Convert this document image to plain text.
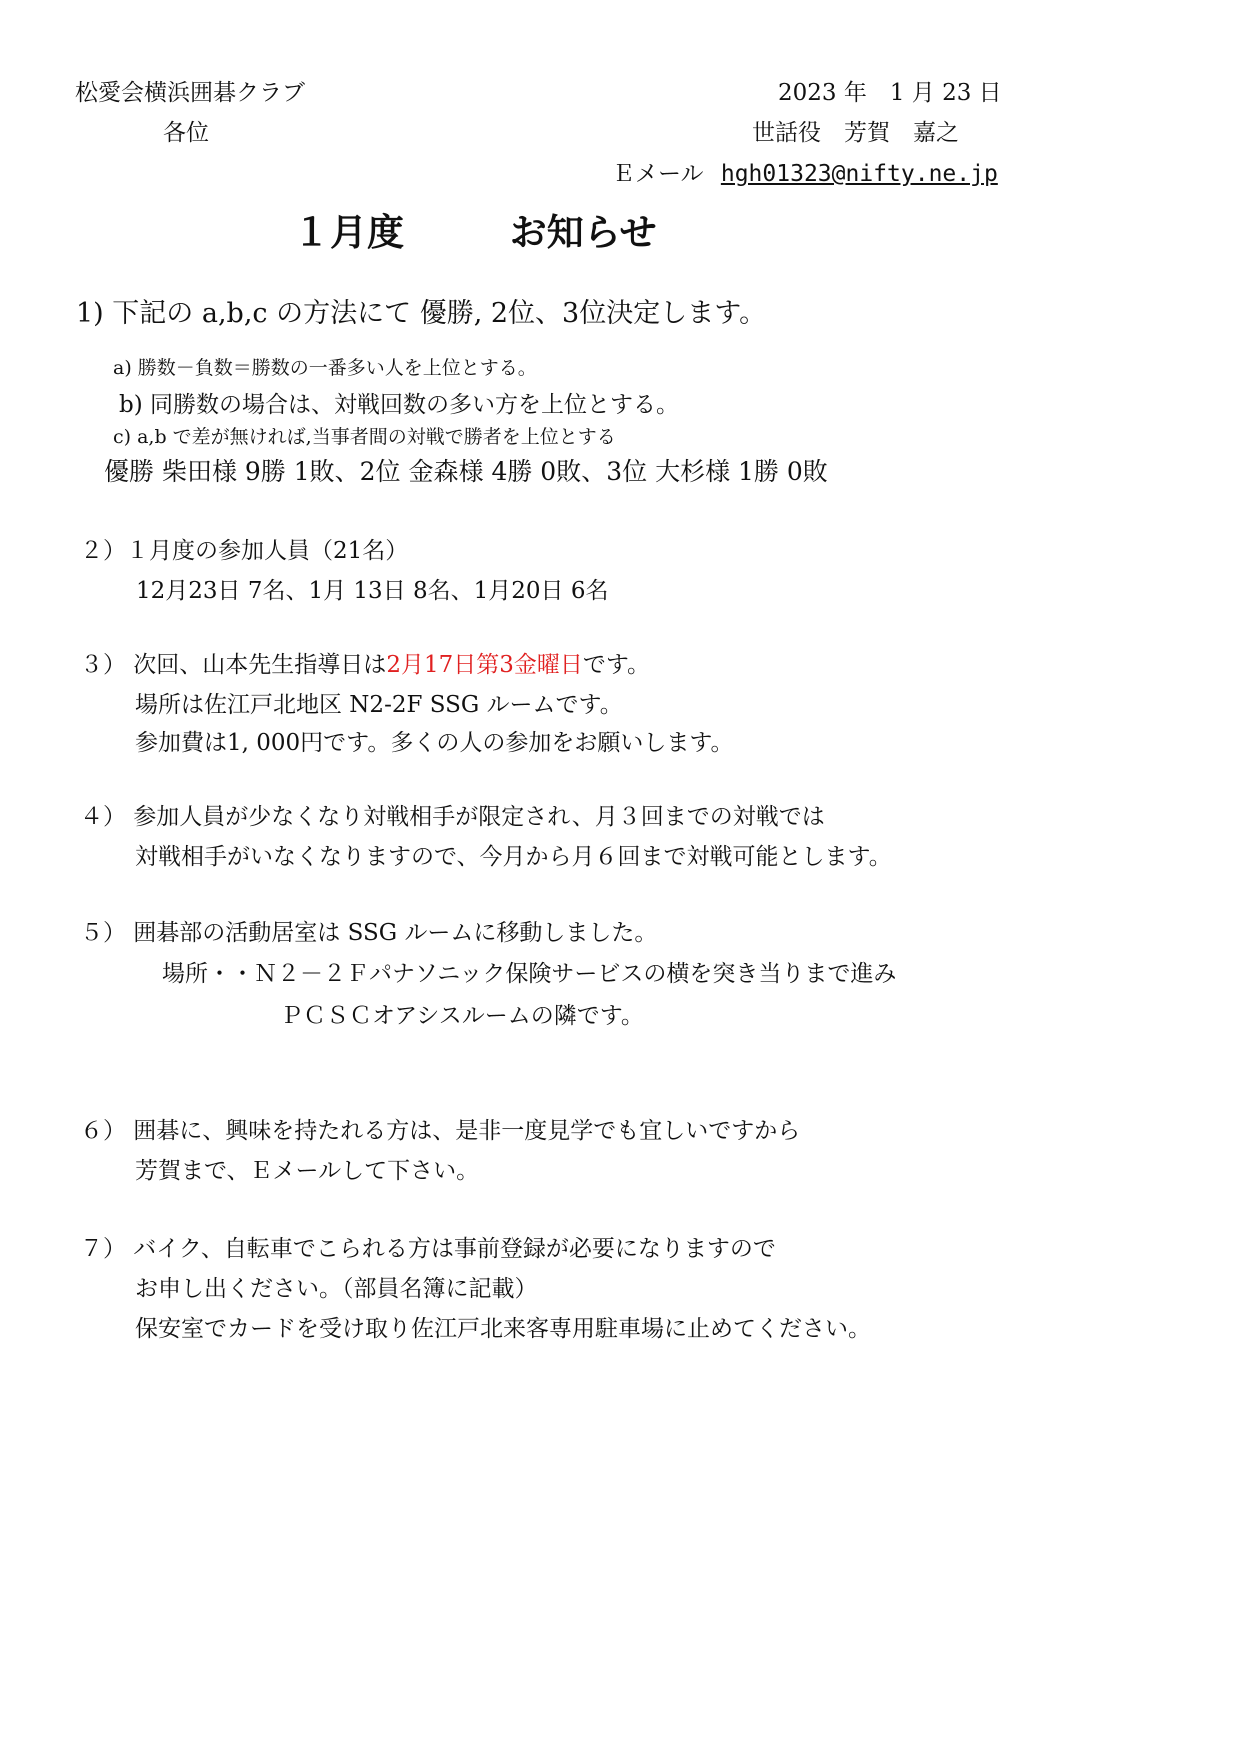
松愛会横浜囲碁クラブ
各位
2023 年　1 月 23 日
世話役　芳賀　嘉之
Ｅメール hgh01323@nifty.ne.jp
１月度	お知らせ
1) 下記の a,b,c の方法にて 優勝, 2位、3位決定します。
a) 勝数－負数＝勝数の一番多い人を上位とする。
b) 同勝数の場合は、対戦回数の多い方を上位とする。
c) a,b で差が無ければ,当事者間の対戦で勝者を上位とする
優勝 柴田様 9勝 1敗、2位 金森様 4勝 0敗、3位 大杉様 1勝 0敗
２）１月度の参加人員（21名）
12月23日 7名、1月 13日 8名、1月20日 6名
３） 次回、山本先生指導日は2月17日第3金曜日です。
場所は佐江戸北地区 N2-2F SSG ルームです。
参加費は1, 000円です。多くの人の参加をお願いします。
４） 参加人員が少なくなり対戦相手が限定され、月３回までの対戦では
対戦相手がいなくなりますので、今月から月６回まで対戦可能とします。
５） 囲碁部の活動居室は SSG ルームに移動しました。
場所・・Ｎ２－２Ｆパナソニック保険サービスの横を突き当りまで進み
ＰＣＳＣオアシスルームの隣です。
６） 囲碁に、興味を持たれる方は、是非一度見学でも宜しいですから
芳賀まで、Ｅメールして下さい。
７） バイク、自転車でこられる方は事前登録が必要になりますので
お申し出ください。（部員名簿に記載）
保安室でカードを受け取り佐江戸北来客専用駐車場に止めてください。
